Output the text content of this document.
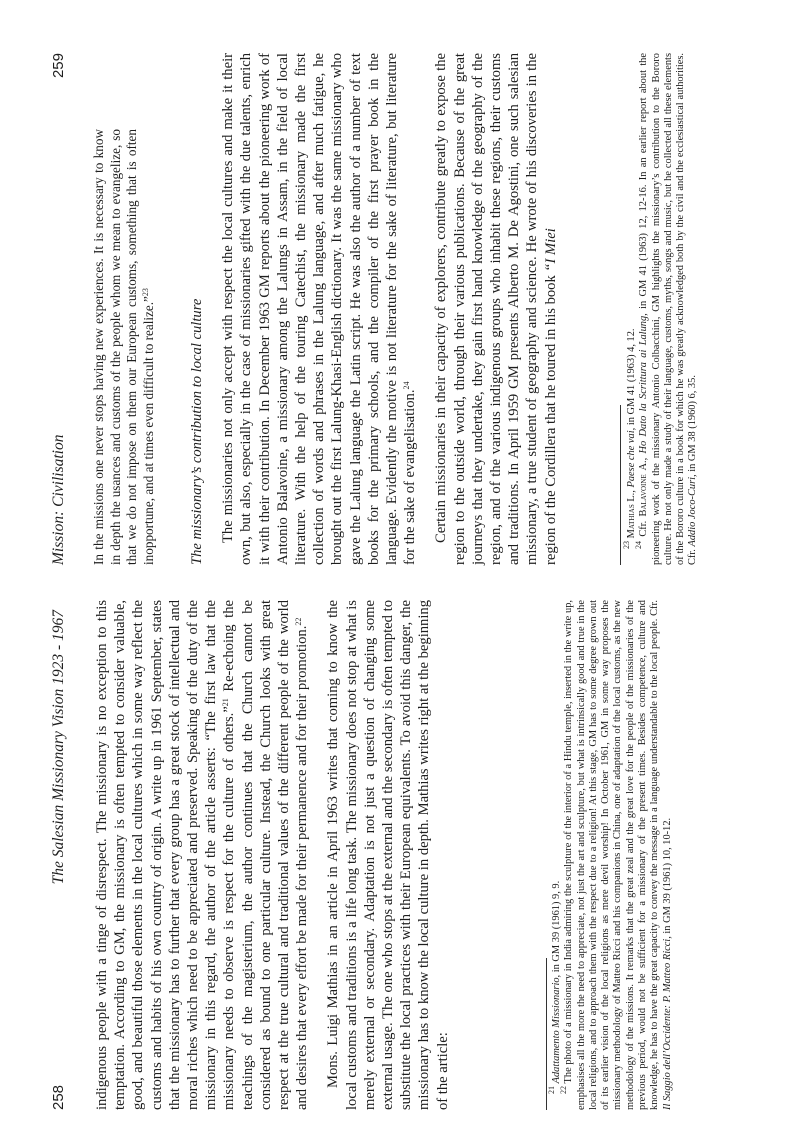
258
The Salesian Missionary Vision 1923 - 1967 indigenous people with a tinge of disrespect. The missionary is no exception to this temptation. According to GM, the missionary is often tempted to consider valuable, good, and beautiful those elements in the local cultures which in some way reflect the customs and habits of his own country of origin. A write up in 1961 September, states that the missionary has to further that every group has a great stock of intellectual and moral riches which need to be appreciated and preserved. Speaking of the duty of the missionary in this regard, the author of the article asserts: “The first law that the missionary needs to observe is respect for the culture of others.”$^{21}$ Re-echoing the teachings of the magisterium, the author continues that the Church cannot be considered as bound to one particular culture. Instead, the Church looks with great respect at the true cultural and traditional values of the different people of the world and desires that every effort be made for their permanence and for their promotion.$^{22}$	Mons. Luigi Mathias in an article in April 1963 writes that coming to know the local customs and traditions is a life long task. The missionary does not stop at what is merely external or secondary. Adaptation is not just a question of changing some external usage. The one who stops at the external and the secondary is often tempted to substitute the local practices with their European equivalents. To avoid this danger, the missionary has to know the local culture in depth. Mathias writes right at the beginning of the article:	$^{21}$ Adattamento Missionario, in GM 39 (1961) 9, 9.

$^{22}$ The photo of a missionary in India admiring the sculpture of the interior of a Hindu temple, inserted in the write up, emphasises all the more the need to appreciate, not just the art and sculpture, but what is intrinsically good and true in the local religions, and to approach them with the respect due to a religion! At this stage, GM has to some degree grown out of its earlier vision of the local religions as mere devil worship! In October 1961, GM in some way proposes the missionary methodology of Matteo Ricci and his companions in China, one of adaptation of the local customs, as the new methodology of the missions. It remarks that the great zeal and the great love for the people of the missionaries of the previous period, would not be sufficient for a missionary of the present times. Besides competence, culture and knowledge, he has to have the great capacity to convey the message in a language understandable to the local people. Cfr. Il Saggio dell’Occidente: P. Matteo Ricci, in GM 39 (1961) 10, 10-12.

Mission: Civilisation
259

In the missions one never stops having new experiences. It is necessary to know in depth the usances and customs of the people whom we mean to evangelize, so that we do not impose on them our European customs, something that is often inopportune, and at times even difficult to realize.”$^{23}$

The missionary’s contribution to local culture The missionaries not only accept with respect the local cultures and make it their own, but also, especially in the case of missionaries gifted with the due talents, enrich it with their contribution. In December 1963 GM reports about the pioneering work of Antonio Balavoine, a missionary among the Lalungs in Assam, in the field of local literature. With the help of the touring Catechist, the missionary made the first collection of words and phrases in the Lalung language, and after much fatigue, he brought out the first Lalung-Khasi-English dictionary. It was the same missionary who gave the Lalung language the Latin script. He was also the author of a number of text books for the primary schools, and the compiler of the first prayer book in the language. Evidently the motive is not literature for the sake of literature, but literature for the sake of evangelisation.$^{24}$	Certain missionaries in their capacity of explorers, contribute greatly to expose the region to the outside world, through their various publications. Because of the great journeys that they undertake, they gain first hand knowledge of the geography of the region, and of the various indigenous groups who inhabit these regions, their customs and traditions. In April 1959 GM presents Alberto M. De Agostini, one such salesian missionary, a true student of geography and science. He wrote of his discoveries in the region of the Cordillera that he toured in his book “I Miei

$^{23}$ Mathias L., Paese che vai, in GM 41 (1963) 4, 12.

$^{24}$ Cfr. Balavoine A., Ho Dato la Scrittura ai Lalung, in GM 41 (1963) 12, 12-16. In an earlier report about the pioneering work of the missionary Antonio Colbacchini, GM highlights the missionary’s contribution to the Bororo culture. He not only made a study of their language, customs, myths, songs and music, but he collected all these elements of the Bororo culture in a book for which he was greatly acknowledged both by the civil and the ecclesiastical authorities. Cfr. Addio Joco-Curi, in GM 38 (1960) 6, 35.
